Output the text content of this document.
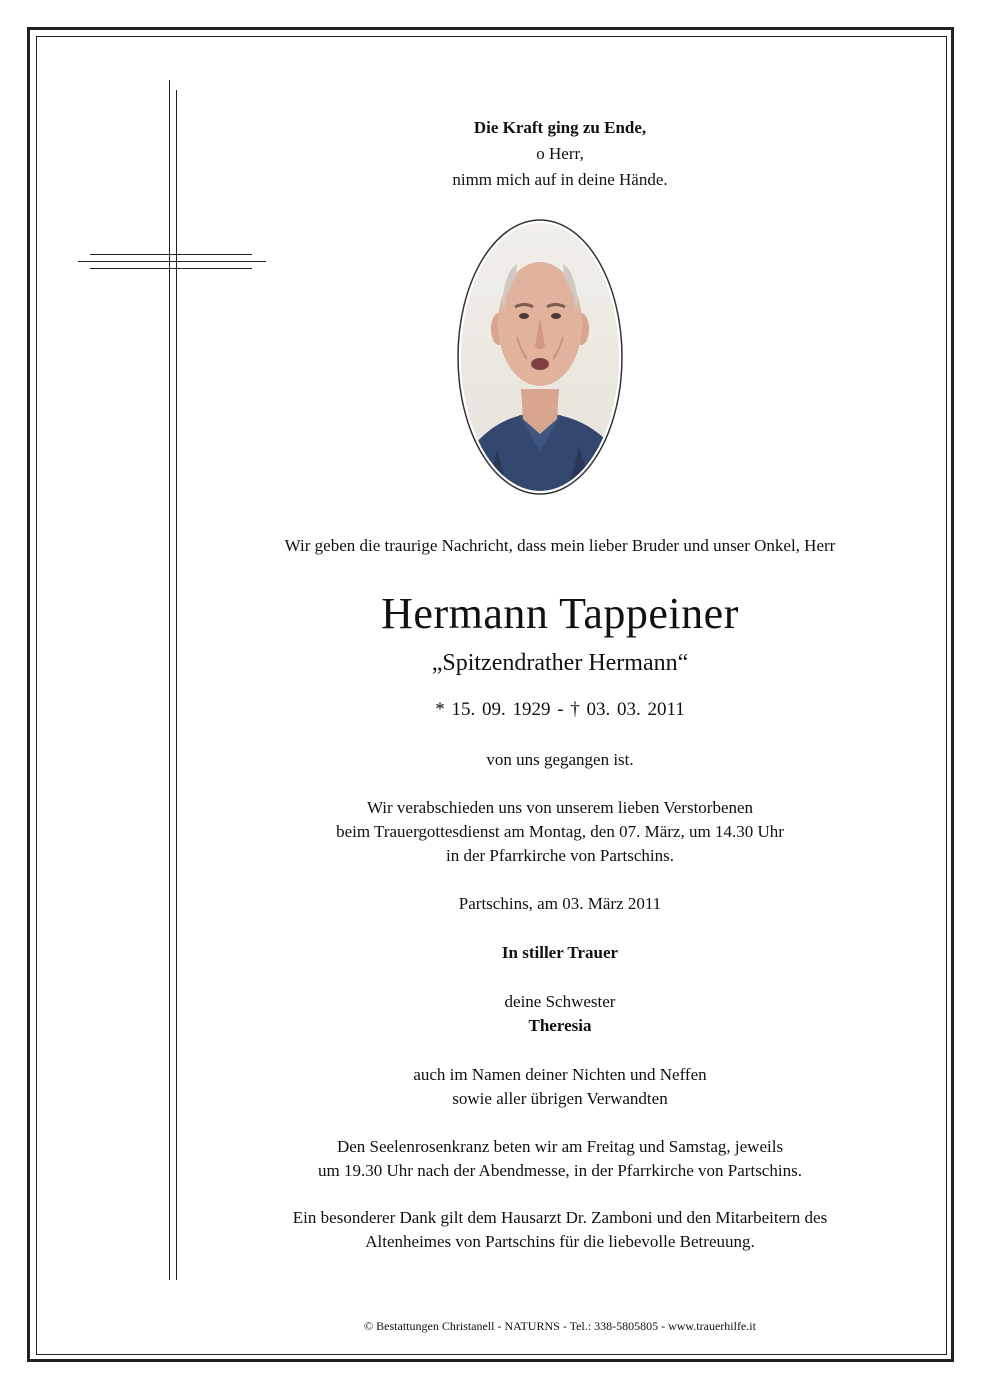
Die Kraft ging zu Ende,
o Herr,
nimm mich auf in deine Hände.
Wir geben die traurige Nachricht, dass mein lieber Bruder und unser Onkel, Herr
Hermann Tappeiner
„Spitzendrather Hermann“
* 15. 09. 1929 - † 03. 03. 2011
von uns gegangen ist.
Wir verabschieden uns von unserem lieben Verstorbenen
beim Trauergottesdienst am Montag, den 07. März, um 14.30 Uhr
in der Pfarrkirche von Partschins.
Partschins, am 03. März 2011
In stiller Trauer
deine Schwester
Theresia
auch im Namen deiner Nichten und Neffen
sowie aller übrigen Verwandten
Den Seelenrosenkranz beten wir am Freitag und Samstag, jeweils
um 19.30 Uhr nach der Abendmesse, in der Pfarrkirche von Partschins.
Ein besonderer Dank gilt dem Hausarzt Dr. Zamboni und den Mitarbeitern des
Altenheimes von Partschins für die liebevolle Betreuung.
© Bestattungen Christanell - NATURNS - Tel.: 338-5805805 - www.trauerhilfe.it
